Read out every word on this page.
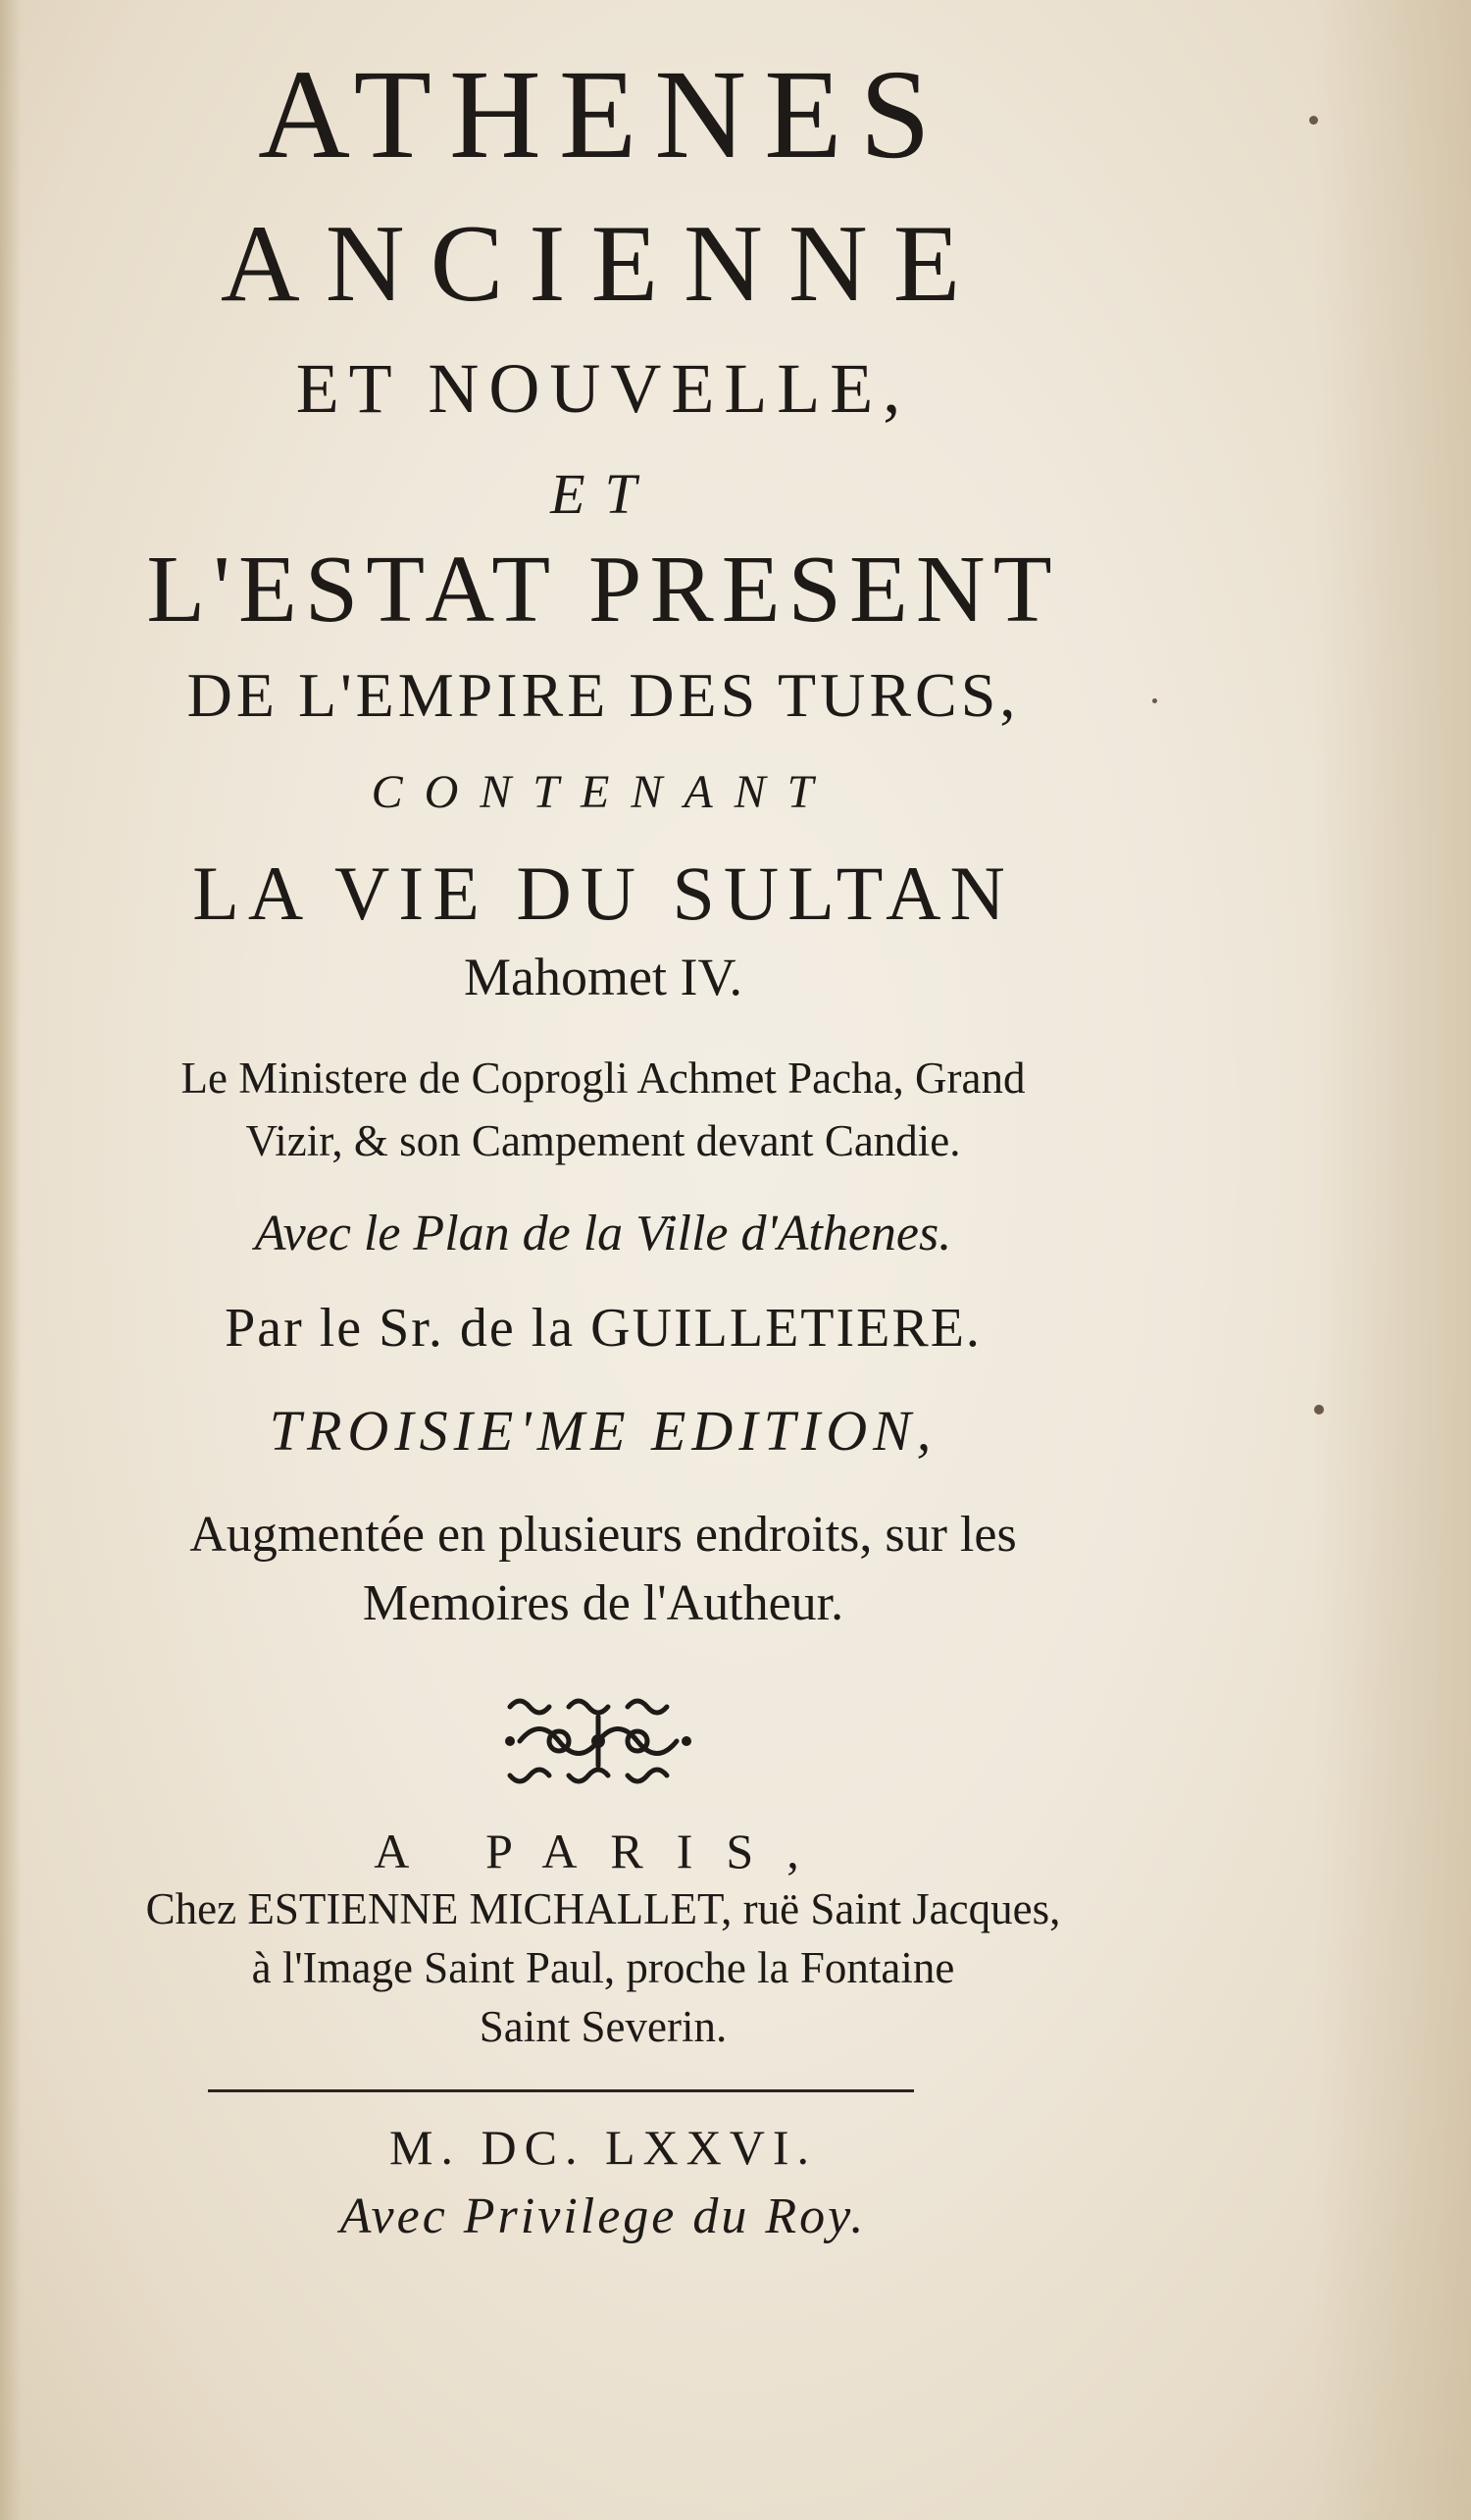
ATHENES
ANCIENNE
ET NOUVELLE,
ET
L'ESTAT PRESENT
DE L'EMPIRE DES TURCS,
CONTENANT
LA VIE DU SULTAN
Mahomet IV.
Le Ministere de Coprogli Achmet Pacha, Grand
Vizir, & son Campement devant Candie.
Avec le Plan de la Ville d'Athenes.
Par le Sr. de la GUILLETIERE.
TROISIE'ME EDITION,
Augmentée en plusieurs endroits, sur les
Memoires de l'Autheur.
A PARIS,
Chez ESTIENNE MICHALLET, ruë Saint Jacques,
à l'Image Saint Paul, proche la Fontaine
Saint Severin.
M. DC. LXXVI.
Avec Privilege du Roy.
